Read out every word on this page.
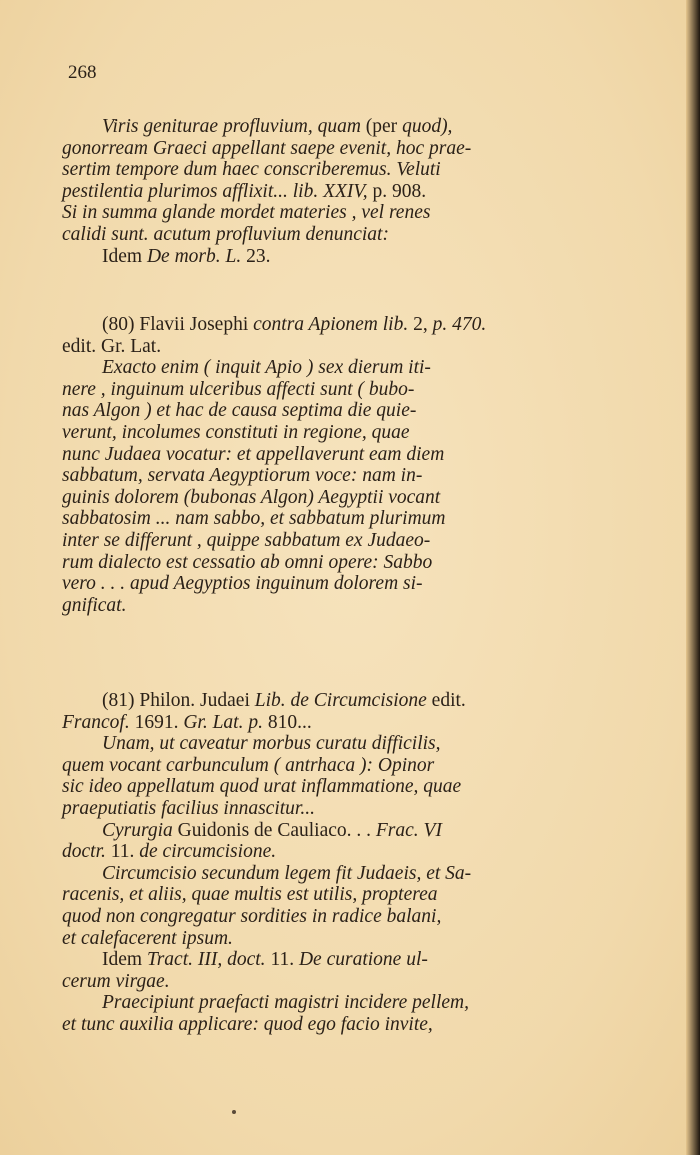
268
Viris geniturae profluvium, quam (per quod),
gonorream Graeci appellant saepe evenit, hoc prae-
sertim tempore dum haec conscriberemus. Veluti
pestilentia plurimos afflixit... lib. XXIV, p. 908.
Si in summa glande mordet materies , vel renes
calidi sunt. acutum profluvium denunciat:
Idem De morb. L. 23.
(80) Flavii Josephi contra Apionem lib. 2, p. 470.
edit. Gr. Lat.
Exacto enim ( inquit Apio ) sex dierum iti-
nere , inguinum ulceribus affecti sunt ( bubo-
nas Algon ) et hac de causa septima die quie-
verunt, incolumes constituti in regione, quae
nunc Judaea vocatur: et appellaverunt eam diem
sabbatum, servata Aegyptiorum voce: nam in-
guinis dolorem (bubonas Algon) Aegyptii vocant
sabbatosim ... nam sabbo, et sabbatum plurimum
inter se differunt , quippe sabbatum ex Judaeo-
rum dialecto est cessatio ab omni opere: Sabbo
vero . . . apud Aegyptios inguinum dolorem si-
gnificat.
(81) Philon. Judaei Lib. de Circumcisione edit.
Francof. 1691. Gr. Lat. p. 810...
Unam, ut caveatur morbus curatu difficilis,
quem vocant carbunculum ( antrhaca ): Opinor
sic ideo appellatum quod urat inflammatione, quae
praeputiatis facilius innascitur...
Cyrurgia Guidonis de Cauliaco. . . Frac. VI
doctr. 11. de circumcisione.
Circumcisio secundum legem fit Judaeis, et Sa-
racenis, et aliis, quae multis est utilis, propterea
quod non congregatur sordities in radice balani,
et calefacerent ipsum.
Idem Tract. III, doct. 11. De curatione ul-
cerum virgae.
Praecipiunt praefacti magistri incidere pellem,
et tunc auxilia applicare: quod ego facio invite,
